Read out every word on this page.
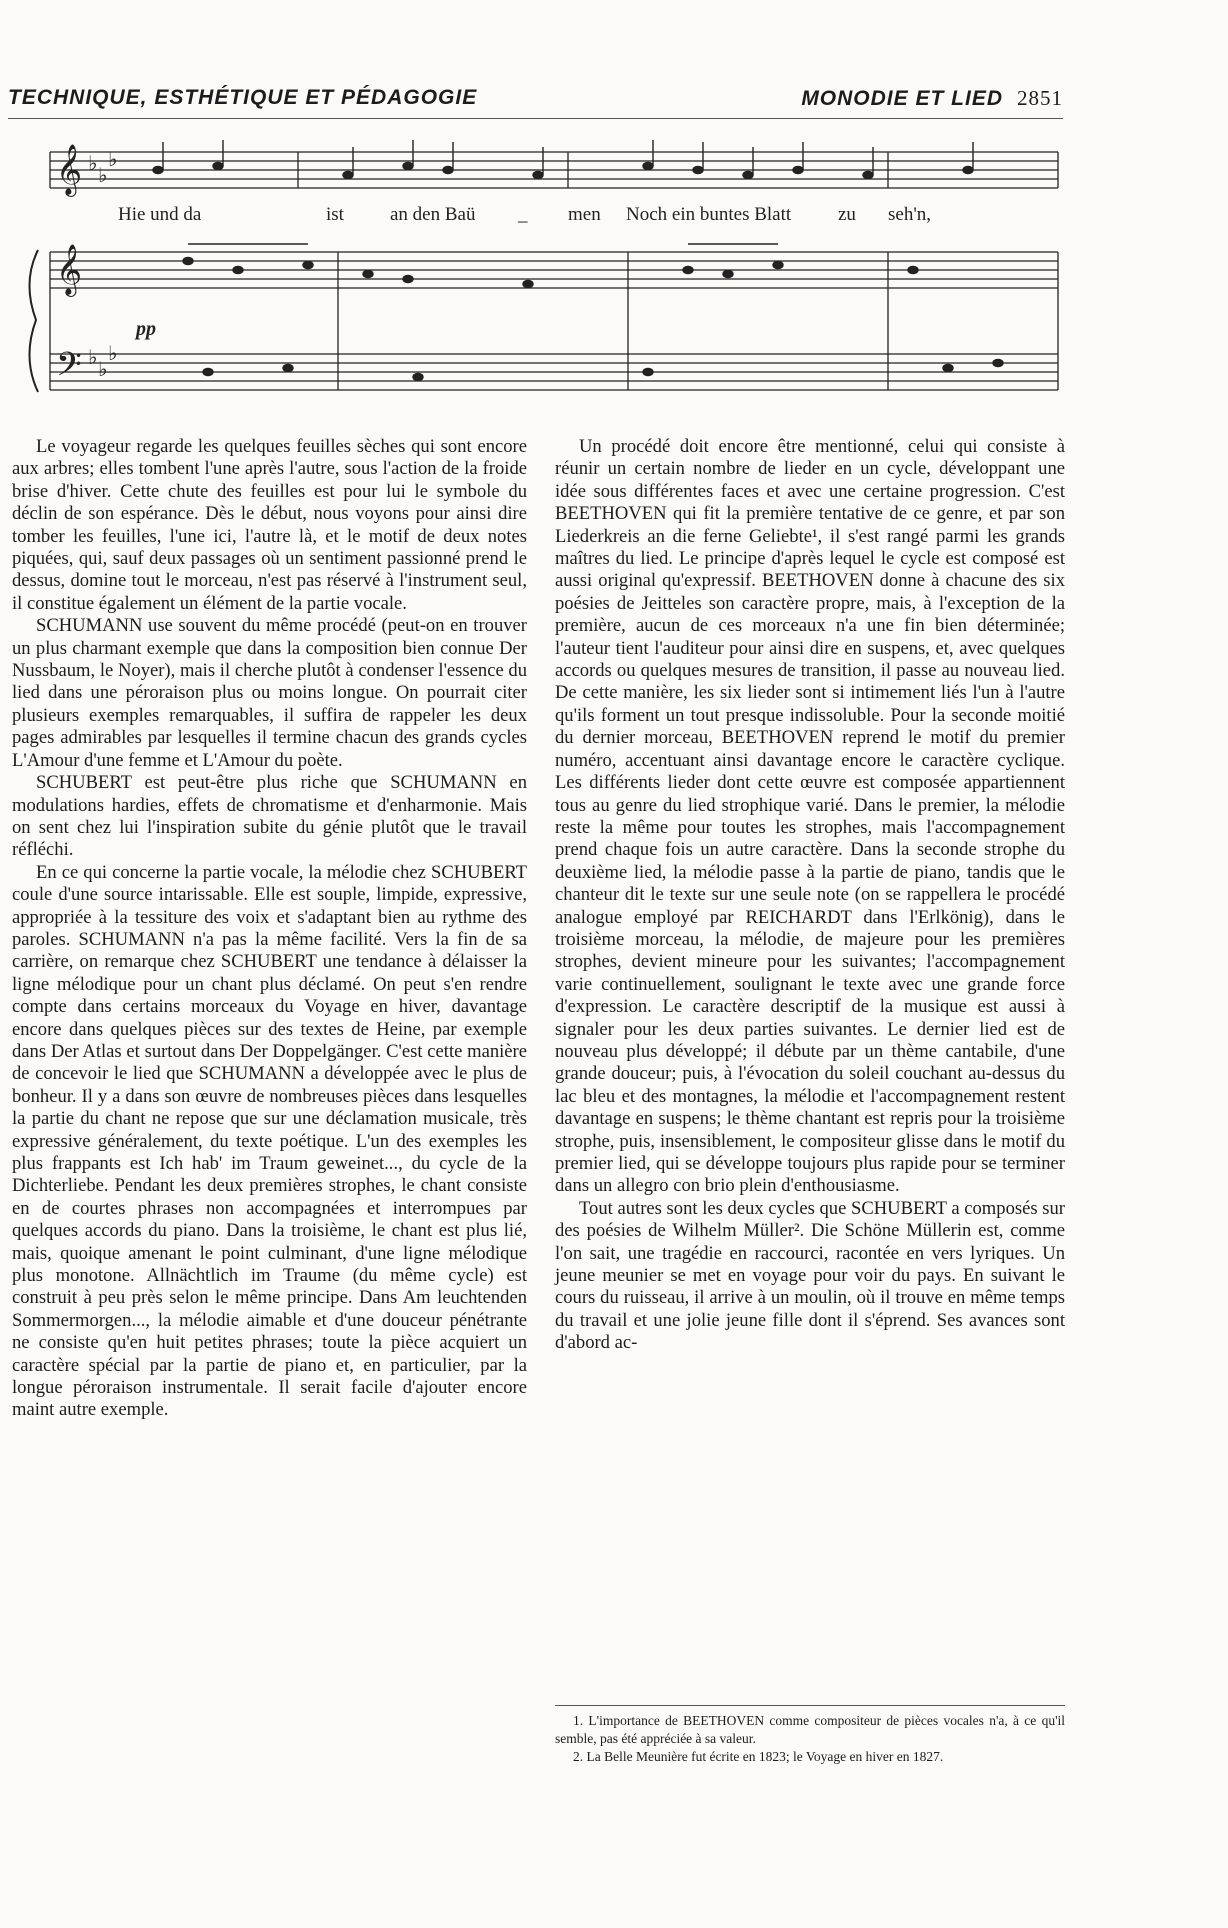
TECHNIQUE, ESTHÉTIQUE ET PÉDAGOGIE	MONODIE ET LIED 2851
𝄞
𝄞
𝄢
♭ ♭
♭
♭ ♭
♭
Hie und da	ist an den Baü _ men Noch ein buntes Blatt zu seh'n,
pp

Le voyageur regarde les quelques feuilles sèches qui sont encore aux arbres; elles tombent l'une après l'autre, sous l'action de la froide brise d'hiver. Cette chute des feuilles est pour lui le symbole du déclin de son espérance. Dès le début, nous voyons pour ainsi dire tomber les feuilles, l'une ici, l'autre là, et le motif de deux notes piquées, qui, sauf deux passages où un sentiment passionné prend le dessus, domine tout le morceau, n'est pas réservé à l'instrument seul, il constitue également un élément de la partie vocale.

SCHUMANN use souvent du même procédé (peut-on en trouver un plus charmant exemple que dans la composition bien connue Der Nussbaum, le Noyer), mais il cherche plutôt à condenser l'essence du lied dans une péroraison plus ou moins longue. On pourrait citer plusieurs exemples remarquables, il suffira de rappeler les deux pages admirables par lesquelles il termine chacun des grands cycles L'Amour d'une femme et L'Amour du poète.

SCHUBERT est peut-être plus riche que SCHUMANN en modulations hardies, effets de chromatisme et d'enharmonie. Mais on sent chez lui l'inspiration subite du génie plutôt que le travail réfléchi.

En ce qui concerne la partie vocale, la mélodie chez SCHUBERT coule d'une source intarissable. Elle est souple, limpide, expressive, appropriée à la tessiture des voix et s'adaptant bien au rythme des paroles. SCHUMANN n'a pas la même facilité. Vers la fin de sa carrière, on remarque chez SCHUBERT une tendance à délaisser la ligne mélodique pour un chant plus déclamé. On peut s'en rendre compte dans certains morceaux du Voyage en hiver, davantage encore dans quelques pièces sur des textes de Heine, par exemple dans Der Atlas et surtout dans Der Doppelgänger. C'est cette manière de concevoir le lied que SCHUMANN a développée avec le plus de bonheur. Il y a dans son œuvre de nombreuses pièces dans lesquelles la partie du chant ne repose que sur une déclamation musicale, très expressive généralement, du texte poétique. L'un des exemples les plus frappants est Ich hab' im Traum geweinet..., du cycle de la Dichterliebe. Pendant les deux premières strophes, le chant consiste en de courtes phrases non accompagnées et interrompues par quelques accords du piano. Dans la troisième, le chant est plus lié, mais, quoique amenant le point culminant, d'une ligne mélodique plus monotone. Allnächtlich im Traume (du même cycle) est construit à peu près selon le même principe. Dans Am leuchtenden Sommermorgen..., la mélodie aimable et d'une douceur pénétrante ne consiste qu'en huit petites phrases; toute la pièce acquiert un caractère spécial par la partie de piano et, en particulier, par la longue péroraison instrumentale. Il serait facile d'ajouter encore maint autre exemple.

Un procédé doit encore être mentionné, celui qui consiste à réunir un certain nombre de lieder en un cycle, développant une idée sous différentes faces et avec une certaine progression. C'est BEETHOVEN qui fit la première tentative de ce genre, et par son Liederkreis an die ferne Geliebte¹, il s'est rangé parmi les grands maîtres du lied. Le principe d'après lequel le cycle est composé est aussi original qu'expressif. BEETHOVEN donne à chacune des six poésies de Jeitteles son caractère propre, mais, à l'exception de la première, aucun de ces morceaux n'a une fin bien déterminée; l'auteur tient l'auditeur pour ainsi dire en suspens, et, avec quelques accords ou quelques mesures de transition, il passe au nouveau lied. De cette manière, les six lieder sont si intimement liés l'un à l'autre qu'ils forment un tout presque indissoluble. Pour la seconde moitié du dernier morceau, BEETHOVEN reprend le motif du premier numéro, accentuant ainsi davantage encore le caractère cyclique. Les différents lieder dont cette œuvre est composée appartiennent tous au genre du lied strophique varié. Dans le premier, la mélodie reste la même pour toutes les strophes, mais l'accompagnement prend chaque fois un autre caractère. Dans la seconde strophe du deuxième lied, la mélodie passe à la partie de piano, tandis que le chanteur dit le texte sur une seule note (on se rappellera le procédé analogue employé par REICHARDT dans l'Erlkönig), dans le troisième morceau, la mélodie, de majeure pour les premières strophes, devient mineure pour les suivantes; l'accompagnement varie continuellement, soulignant le texte avec une grande force d'expression. Le caractère descriptif de la musique est aussi à signaler pour les deux parties suivantes. Le dernier lied est de nouveau plus développé; il débute par un thème cantabile, d'une grande douceur; puis, à l'évocation du soleil couchant au-dessus du lac bleu et des montagnes, la mélodie et l'accompagnement restent davantage en suspens; le thème chantant est repris pour la troisième strophe, puis, insensiblement, le compositeur glisse dans le motif du premier lied, qui se développe toujours plus rapide pour se terminer dans un allegro con brio plein d'enthousiasme.

Tout autres sont les deux cycles que SCHUBERT a composés sur des poésies de Wilhelm Müller². Die Schöne Müllerin est, comme l'on sait, une tragédie en raccourci, racontée en vers lyriques. Un jeune meunier se met en voyage pour voir du pays. En suivant le cours du ruisseau, il arrive à un moulin, où il trouve en même temps du travail et une jolie jeune fille dont il s'éprend. Ses avances sont d'abord ac-

1. L'importance de BEETHOVEN comme compositeur de pièces vocales n'a, à ce qu'il semble, pas été appréciée à sa valeur.

2. La Belle Meunière fut écrite en 1823; le Voyage en hiver en 1827.
